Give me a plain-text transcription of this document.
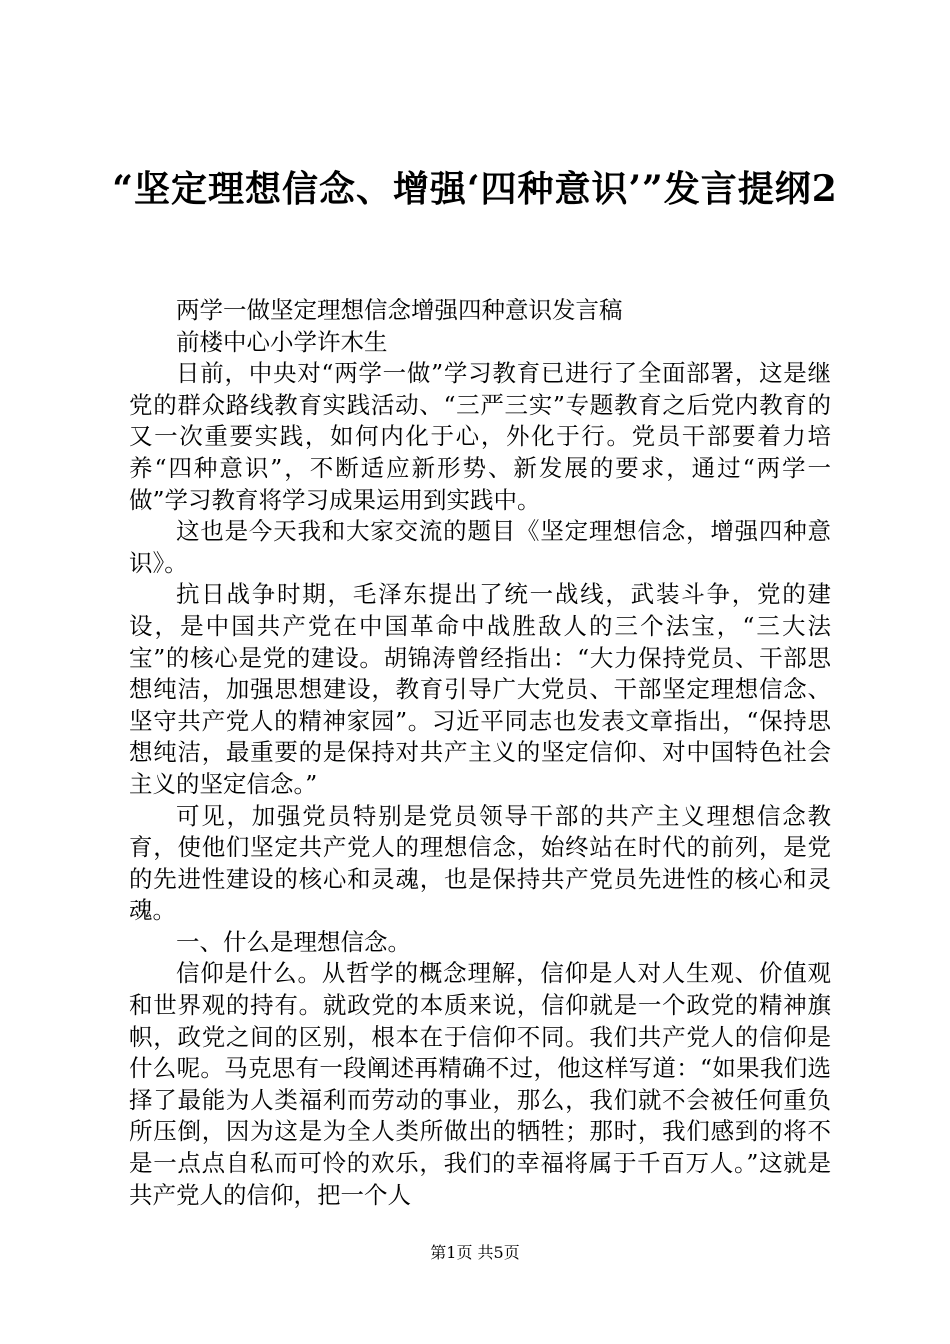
“坚定理想信念、增强‘四种意识’”发言提纲2

两学一做坚定理想信念增强四种意识发言稿

前楼中心小学许木生

日前，中央对“两学一做”学习教育已进行了全面部署，这是继党的群众路线教育实践活动、“三严三实”专题教育之后党内教育的又一次重要实践，如何内化于心，外化于行。党员干部要着力培养“四种意识”，不断适应新形势、新发展的要求，通过“两学一做”学习教育将学习成果运用到实践中。

这也是今天我和大家交流的题目《坚定理想信念，增强四种意识》。

抗日战争时期，毛泽东提出了统一战线，武装斗争，党的建设，是中国共产党在中国革命中战胜敌人的三个法宝，“三大法宝”的核心是党的建设。胡锦涛曾经指出：“大力保持党员、干部思想纯洁，加强思想建设，教育引导广大党员、干部坚定理想信念、坚守共产党人的精神家园”。习近平同志也发表文章指出，“保持思想纯洁，最重要的是保持对共产主义的坚定信仰、对中国特色社会主义的坚定信念。”

可见，加强党员特别是党员领导干部的共产主义理想信念教育，使他们坚定共产党人的理想信念，始终站在时代的前列，是党的先进性建设的核心和灵魂，也是保持共产党员先进性的核心和灵魂。

一、什么是理想信念。

信仰是什么。从哲学的概念理解，信仰是人对人生观、价值观和世界观的持有。就政党的本质来说，信仰就是一个政党的精神旗帜，政党之间的区别，根本在于信仰不同。我们共产党人的信仰是什么呢。马克思有一段阐述再精确不过，他这样写道：“如果我们选择了最能为人类福利而劳动的事业，那么，我们就不会被任何重负所压倒，因为这是为全人类所做出的牺牲；那时，我们感到的将不是一点点自私而可怜的欢乐，我们的幸福将属于千百万人。”这就是共产党人的信仰，把一个人

第1页 共5页
